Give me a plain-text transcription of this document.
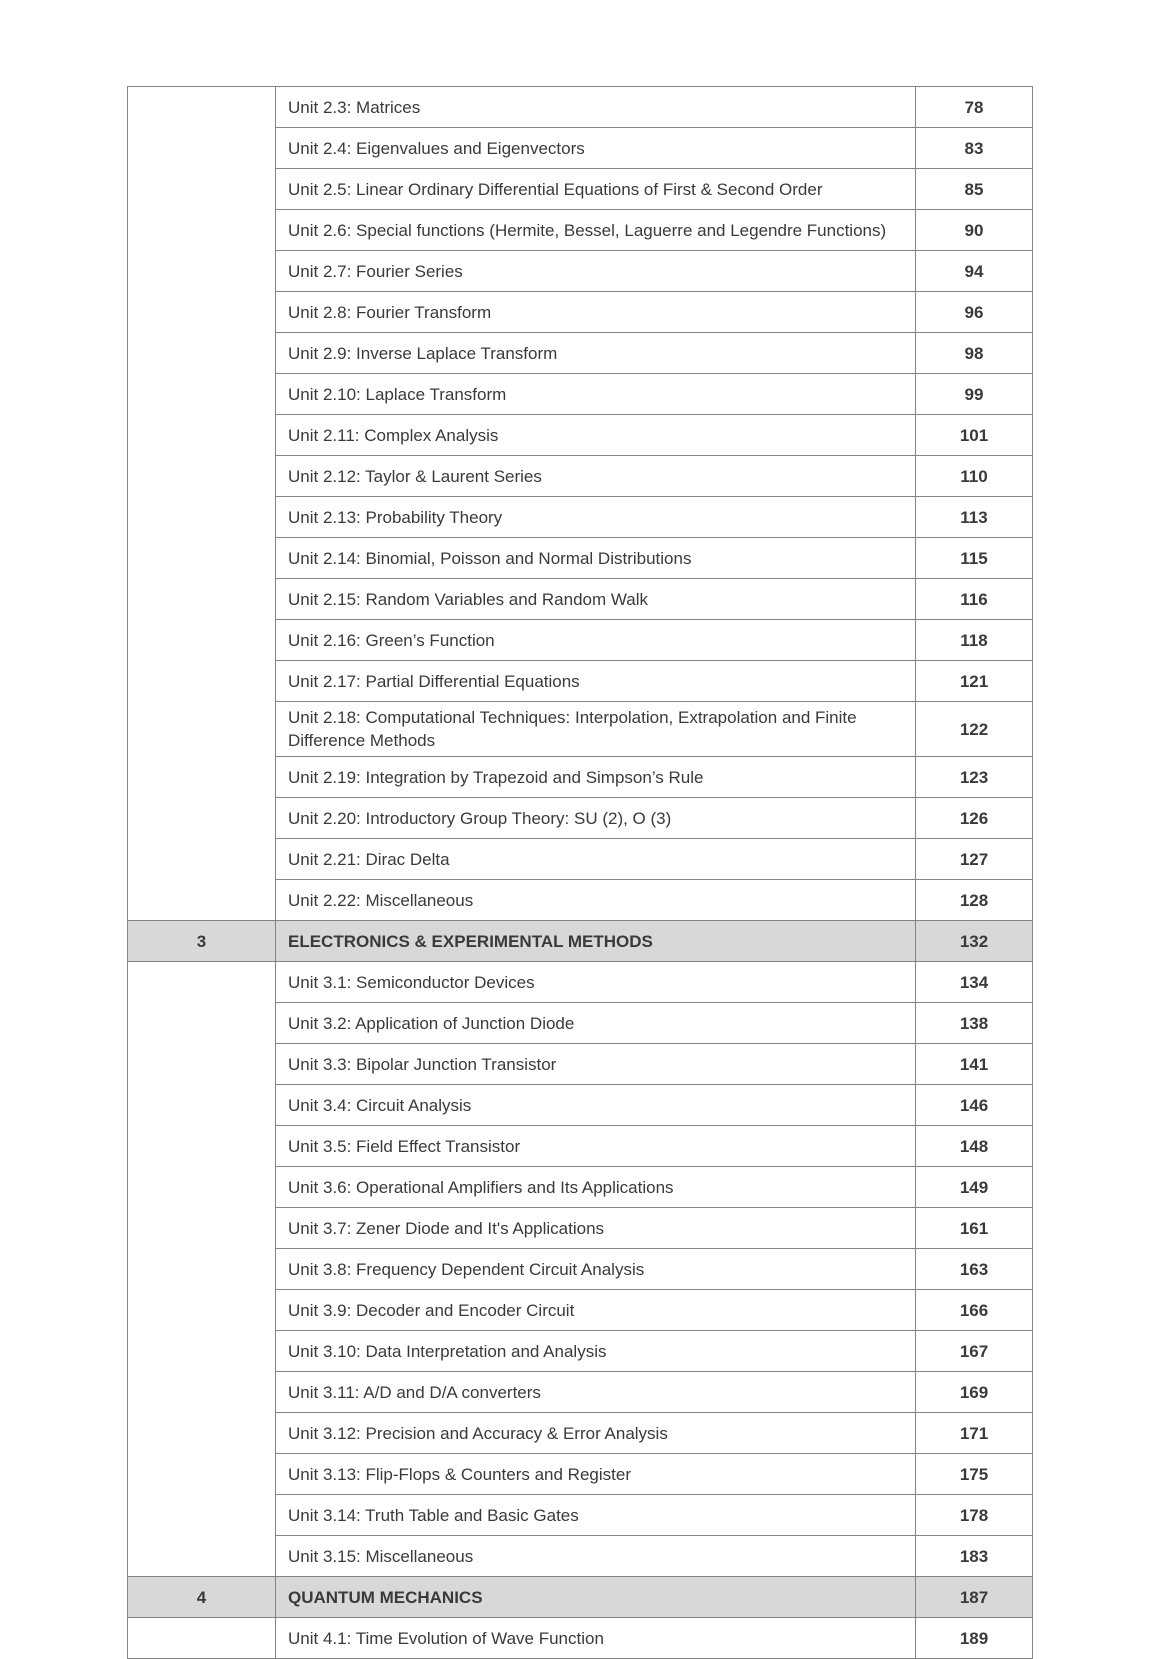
	Unit 2.3: Matrices	78
	Unit 2.4: Eigenvalues and Eigenvectors	83
	Unit 2.5: Linear Ordinary Differential Equations of First & Second Order	85
	Unit 2.6: Special functions (Hermite, Bessel, Laguerre and Legendre Functions)	90
	Unit 2.7: Fourier Series	94
	Unit 2.8: Fourier Transform	96
	Unit 2.9: Inverse Laplace Transform	98
	Unit 2.10: Laplace Transform	99
	Unit 2.11: Complex Analysis	101
	Unit 2.12: Taylor & Laurent Series	110
	Unit 2.13: Probability Theory	113
	Unit 2.14: Binomial, Poisson and Normal Distributions	115
	Unit 2.15: Random Variables and Random Walk	116
	Unit 2.16: Green’s Function	118
	Unit 2.17: Partial Differential Equations	121
	Unit 2.18: Computational Techniques: Interpolation, Extrapolation and Finite Difference Methods	122
	Unit 2.19: Integration by Trapezoid and Simpson’s Rule	123
	Unit 2.20: Introductory Group Theory: SU (2), O (3)	126
	Unit 2.21: Dirac Delta	127
	Unit 2.22: Miscellaneous	128
3	ELECTRONICS & EXPERIMENTAL METHODS	132
	Unit 3.1: Semiconductor Devices	134
	Unit 3.2: Application of Junction Diode	138
	Unit 3.3: Bipolar Junction Transistor	141
	Unit 3.4: Circuit Analysis	146
	Unit 3.5: Field Effect Transistor	148
	Unit 3.6: Operational Amplifiers and Its Applications	149
	Unit 3.7: Zener Diode and It's Applications	161
	Unit 3.8: Frequency Dependent Circuit Analysis	163
	Unit 3.9: Decoder and Encoder Circuit	166
	Unit 3.10: Data Interpretation and Analysis	167
	Unit 3.11: A/D and D/A converters	169
	Unit 3.12: Precision and Accuracy & Error Analysis	171
	Unit 3.13: Flip-Flops & Counters and Register	175
	Unit 3.14: Truth Table and Basic Gates	178
	Unit 3.15: Miscellaneous	183
4	QUANTUM MECHANICS	187
	Unit 4.1: Time Evolution of Wave Function	189
